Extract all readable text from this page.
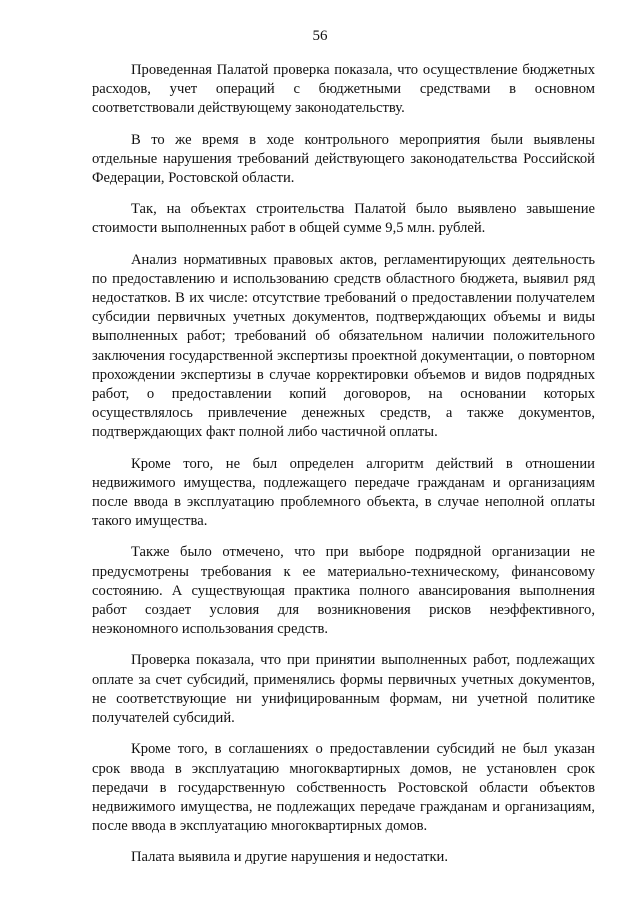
56

Проведенная Палатой проверка показала, что осуществление бюджетных расходов, учет операций с бюджетными средствами в основном соответствовали действующему законодательству.

В то же время в ходе контрольного мероприятия были выявлены отдельные нарушения требований действующего законодательства Российской Федерации, Ростовской области.

Так, на объектах строительства Палатой было выявлено завышение стоимости выполненных работ в общей сумме 9,5 млн. рублей.

Анализ нормативных правовых актов, регламентирующих деятельность по предоставлению и использованию средств областного бюджета, выявил ряд недостатков. В их числе: отсутствие требований о предоставлении получателем субсидии первичных учетных документов, подтверждающих объемы и виды выполненных работ; требований об обязательном наличии положительного заключения государственной экспертизы проектной документации, о повторном прохождении экспертизы в случае корректировки объемов и видов подрядных работ, о предоставлении копий договоров, на основании которых осуществлялось привлечение денежных средств, а также документов, подтверждающих факт полной либо частичной оплаты.

Кроме того, не был определен алгоритм действий в отношении недвижимого имущества, подлежащего передаче гражданам и организациям после ввода в эксплуатацию проблемного объекта, в случае неполной оплаты такого имущества.

Также было отмечено, что при выборе подрядной организации не предусмотрены требования к ее материально-техническому, финансовому состоянию. А существующая практика полного авансирования выполнения работ создает условия для возникновения рисков неэффективного, неэкономного использования средств.

Проверка показала, что при принятии выполненных работ, подлежащих оплате за счет субсидий, применялись формы первичных учетных документов, не соответствующие ни унифицированным формам, ни учетной политике получателей субсидий.

Кроме того, в соглашениях о предоставлении субсидий не был указан срок ввода в эксплуатацию многоквартирных домов, не установлен срок передачи в государственную собственность Ростовской области объектов недвижимого имущества, не подлежащих передаче гражданам и организациям, после ввода в эксплуатацию многоквартирных домов.

Палата выявила и другие нарушения и недостатки.
